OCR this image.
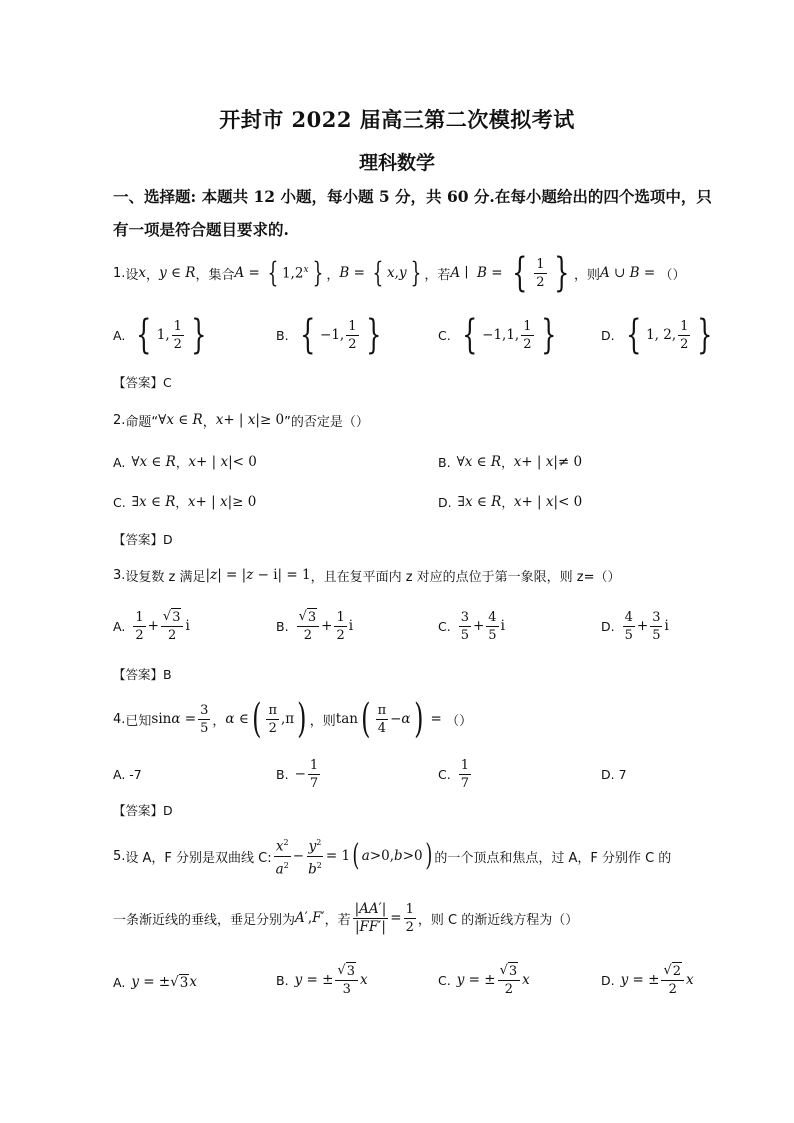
开封市 2022 届高三第二次模拟考试
理科数学
一、选择题: 本题共 12 小题，每小题 5 分，共 60 分.在每小题给出的四个选项中，只有一项是符合题目要求的.
1. 设 x ， y ∈ R ，集合 A = { 1,2$^x$ } ， B = { x , y } ，若 A ∣ B = { $\frac{1}{2}$ } ，则 A ∪ B = （）
A. { 1, $\frac{1}{2}$ }	B. { −1, $\frac{1}{2}$ }	C. { −1,1, $\frac{1}{2}$ }	D. { 1, 2, $\frac{1}{2}$ }
【答案】C
2. 命题“ ∀ x ∈ R ， x + | x |≥ 0 ”的否定是（）
A. ∀ x ∈ R ， x + | x |< 0	B. ∀ x ∈ R ， x + | x |≠ 0
C. ∃ x ∈ R ， x + | x |≥ 0	D. ∃ x ∈ R ， x + | x |< 0
【答案】D
3. 设复数 z 满足 | z | = | z − i| = 1 ，且在复平面内 z 对应的点位于第一象限，则 z=（）
A. $\frac{1}{2} + \frac{√ 3}{2}$ i	B. $\frac{√ 3}{2} + \frac{1}{2}$ i	C. $\frac{3}{5} + \frac{4}{5}$ i	D. $\frac{4}{5} + \frac{3}{5}$ i
【答案】B
4. 已知 $\sin \alpha = \frac{3}{5}$ ， α ∈ ( $\frac{\pi}{2} ,\pi$ ) ，则 tan ( $\frac{\pi}{4} - \alpha$ ) = （）
A. -7	B. − $\frac{1}{7}$	C. $\frac{1}{7}$	D. 7
【答案】D
5. 设 A，F 分别是双曲线 C: $\frac{x^2}{a^2} - \frac{y^2}{b^2} = 1$ ( a >0, b >0 ) 的一个顶点和焦点，过 A，F 分别作 C 的
一条渐近线的垂线，垂足分别为 A ′, F ′ ，若 $\frac{|AA'|}{|FF'|} = \frac{1}{2}$ ，则 C 的渐近线方程为（）
A. y = ± √ 3 x	B. y = ± $\frac{√ 3}{3}$ x	C. y = ± $\frac{√ 3}{2}$ x	D. y = ± $\frac{√ 2}{2}$ x
